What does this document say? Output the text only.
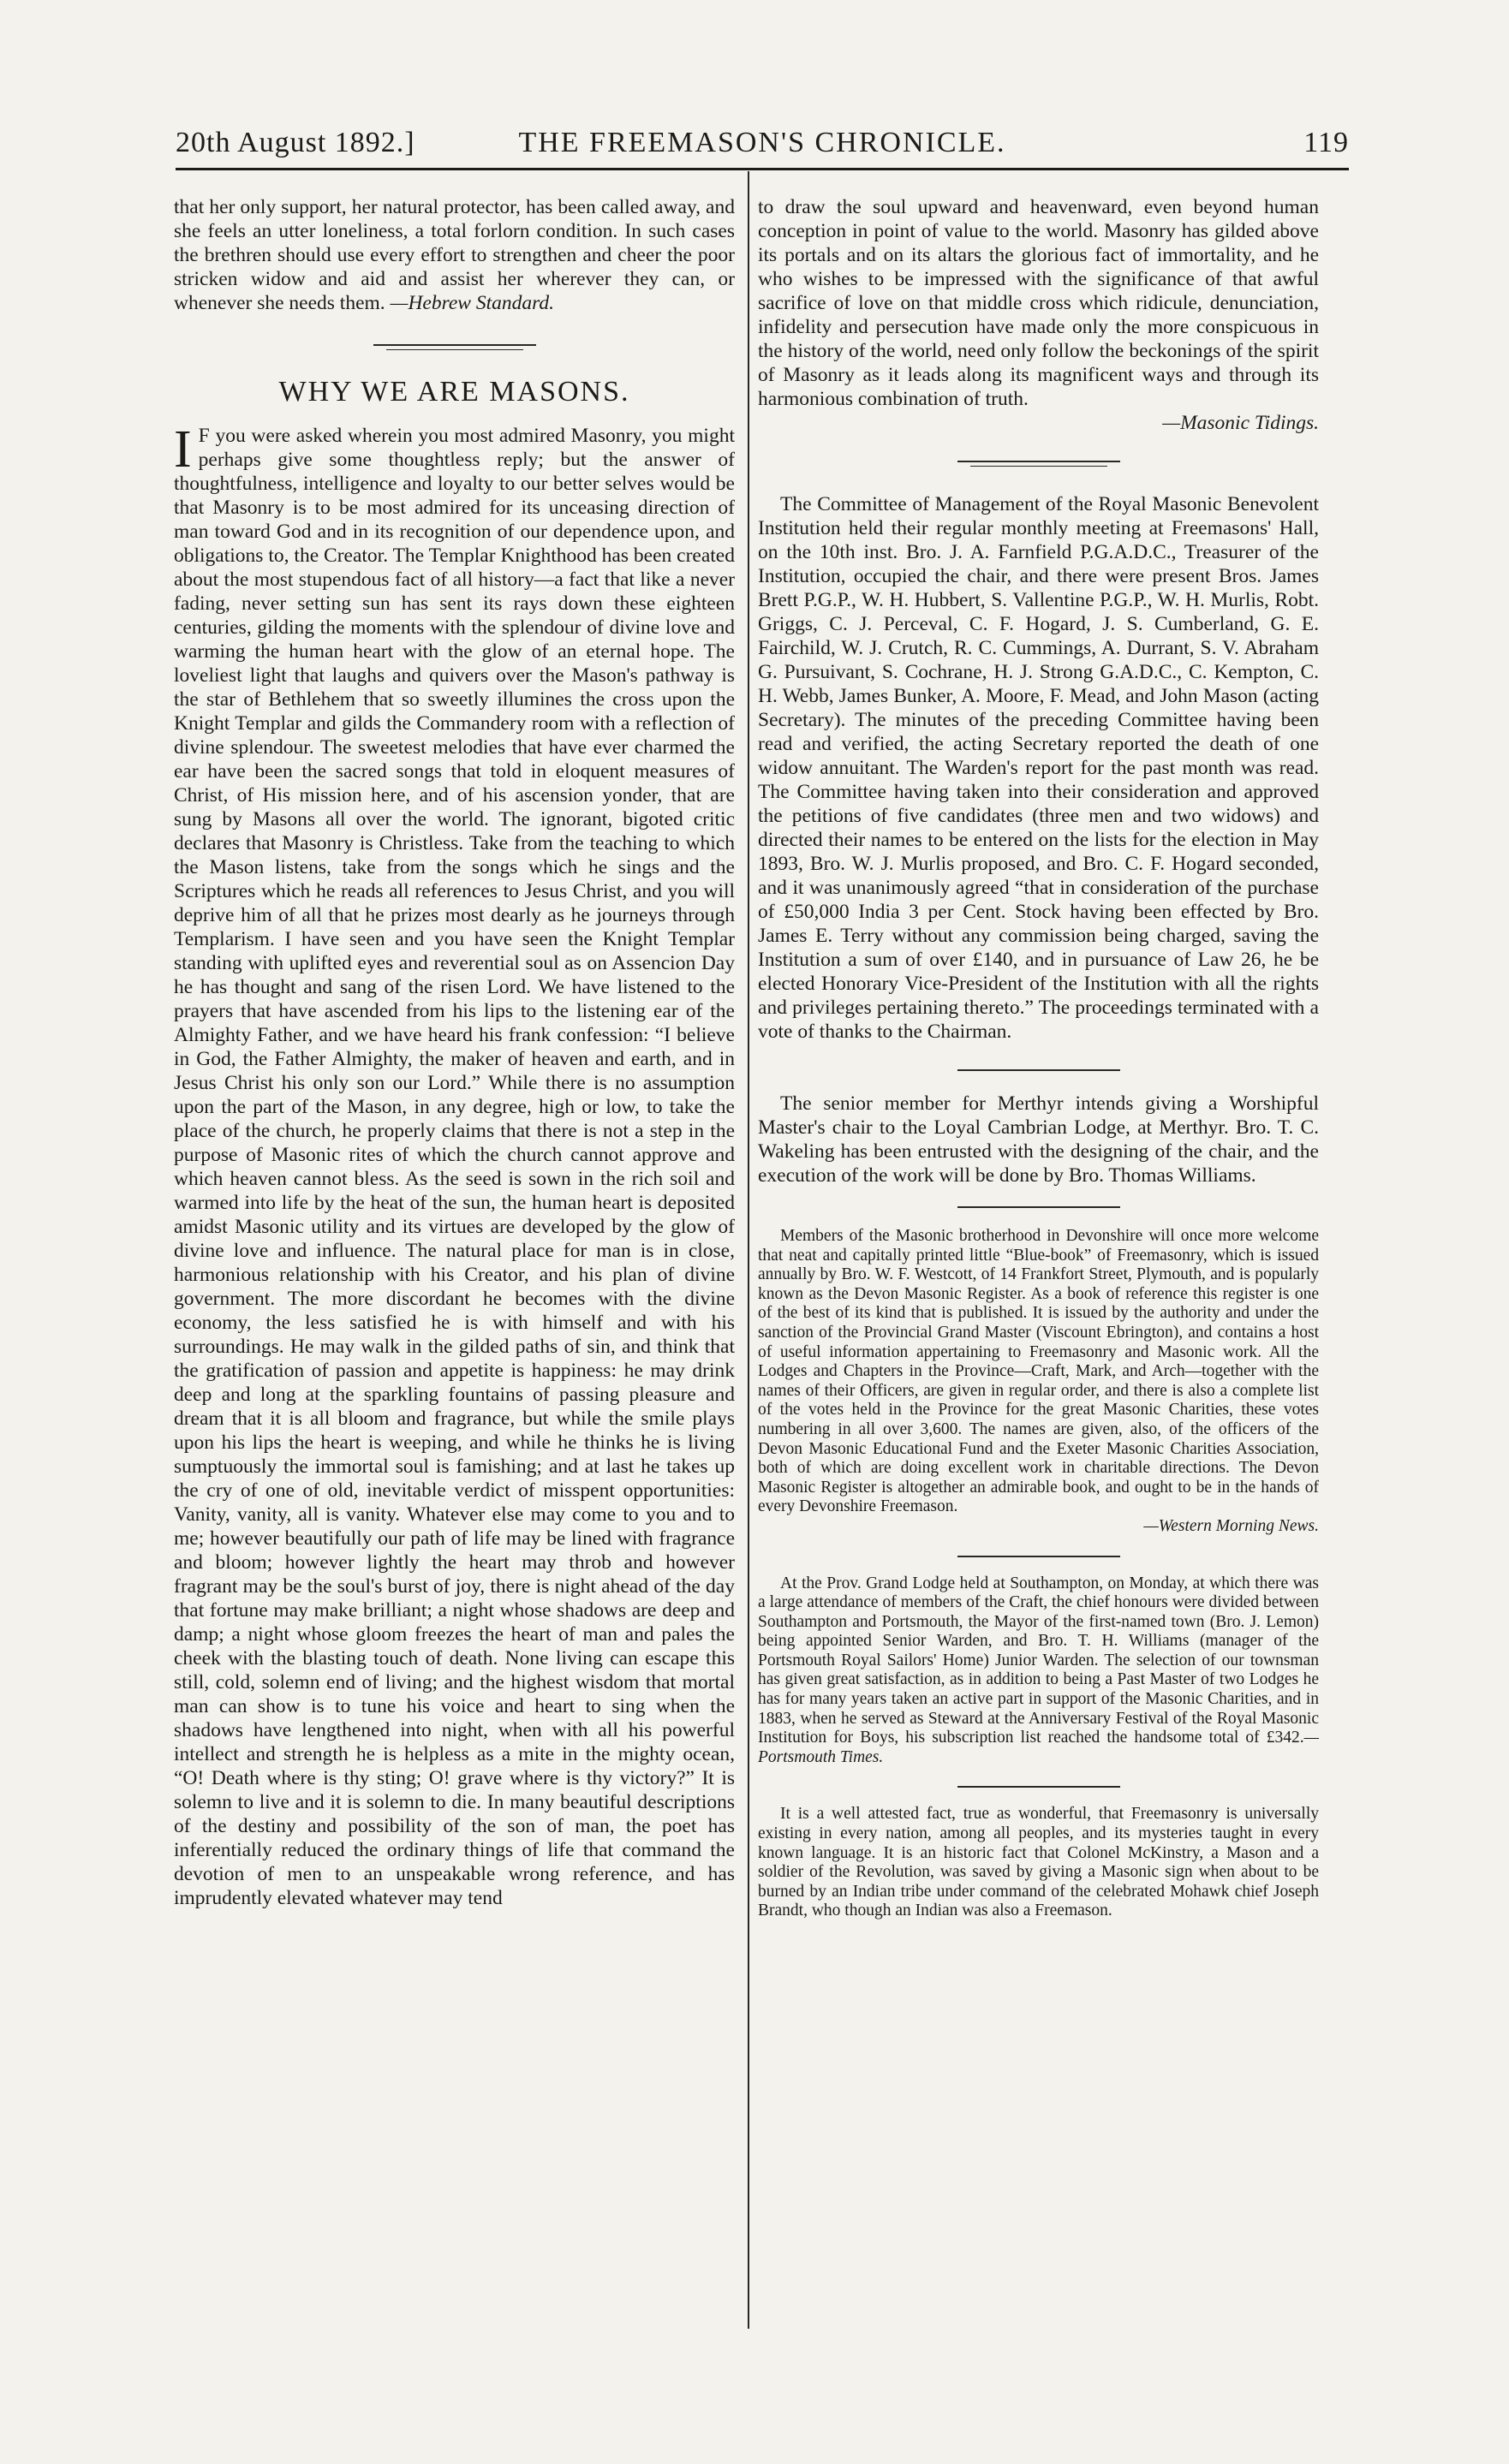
20th August 1892.]	THE FREEMASON'S CHRONICLE.	119

that her only support, her natural protector, has been called away, and she feels an utter loneliness, a total forlorn condition. In such cases the brethren should use every effort to strengthen and cheer the poor stricken widow and aid and assist her wherever they can, or whenever she needs them. —Hebrew Standard.

WHY WE ARE MASONS.

I F you were asked wherein you most admired Masonry, you might perhaps give some thoughtless reply; but the answer of thoughtfulness, intelligence and loyalty to our better selves would be that Masonry is to be most admired for its unceasing direction of man toward God and in its recognition of our dependence upon, and obligations to, the Creator. The Templar Knighthood has been created about the most stupendous fact of all history—a fact that like a never fading, never setting sun has sent its rays down these eighteen centuries, gilding the moments with the splendour of divine love and warming the human heart with the glow of an eternal hope. The loveliest light that laughs and quivers over the Mason's pathway is the star of Bethlehem that so sweetly illumines the cross upon the Knight Templar and gilds the Commandery room with a reflection of divine splendour. The sweetest melodies that have ever charmed the ear have been the sacred songs that told in eloquent measures of Christ, of His mission here, and of his ascension yonder, that are sung by Masons all over the world. The ignorant, bigoted critic declares that Masonry is Christless. Take from the teaching to which the Mason listens, take from the songs which he sings and the Scriptures which he reads all references to Jesus Christ, and you will deprive him of all that he prizes most dearly as he journeys through Templarism. I have seen and you have seen the Knight Templar standing with uplifted eyes and reverential soul as on Assencion Day he has thought and sang of the risen Lord. We have listened to the prayers that have ascended from his lips to the listening ear of the Almighty Father, and we have heard his frank confession: “I believe in God, the Father Almighty, the maker of heaven and earth, and in Jesus Christ his only son our Lord.” While there is no assumption upon the part of the Mason, in any degree, high or low, to take the place of the church, he properly claims that there is not a step in the purpose of Masonic rites of which the church cannot approve and which heaven cannot bless. As the seed is sown in the rich soil and warmed into life by the heat of the sun, the human heart is deposited amidst Masonic utility and its virtues are developed by the glow of divine love and influence. The natural place for man is in close, harmonious relationship with his Creator, and his plan of divine government. The more discordant he becomes with the divine economy, the less satisfied he is with himself and with his surroundings. He may walk in the gilded paths of sin, and think that the gratification of passion and appetite is happiness: he may drink deep and long at the sparkling fountains of passing pleasure and dream that it is all bloom and fragrance, but while the smile plays upon his lips the heart is weeping, and while he thinks he is living sumptuously the immortal soul is famishing; and at last he takes up the cry of one of old, inevitable verdict of misspent opportunities: Vanity, vanity, all is vanity. Whatever else may come to you and to me; however beautifully our path of life may be lined with fragrance and bloom; however lightly the heart may throb and however fragrant may be the soul's burst of joy, there is night ahead of the day that fortune may make brilliant; a night whose shadows are deep and damp; a night whose gloom freezes the heart of man and pales the cheek with the blasting touch of death. None living can escape this still, cold, solemn end of living; and the highest wisdom that mortal man can show is to tune his voice and heart to sing when the shadows have lengthened into night, when with all his powerful intellect and strength he is helpless as a mite in the mighty ocean, “O! Death where is thy sting; O! grave where is thy victory?” It is solemn to live and it is solemn to die. In many beautiful descriptions of the destiny and possibility of the son of man, the poet has inferentially reduced the ordinary things of life that command the devotion of men to an unspeakable wrong reference, and has imprudently elevated whatever may tend

to draw the soul upward and heavenward, even beyond human conception in point of value to the world. Masonry has gilded above its portals and on its altars the glorious fact of immortality, and he who wishes to be impressed with the significance of that awful sacrifice of love on that middle cross which ridicule, denunciation, infidelity and persecution have made only the more conspicuous in the history of the world, need only follow the beckonings of the spirit of Masonry as it leads along its magnificent ways and through its harmonious combination of truth.

—Masonic Tidings.

The Committee of Management of the Royal Masonic Benevolent Institution held their regular monthly meeting at Freemasons' Hall, on the 10th inst. Bro. J. A. Farnfield P.G.A.D.C., Treasurer of the Institution, occupied the chair, and there were present Bros. James Brett P.G.P., W. H. Hubbert, S. Vallentine P.G.P., W. H. Murlis, Robt. Griggs, C. J. Perceval, C. F. Hogard, J. S. Cumberland, G. E. Fairchild, W. J. Crutch, R. C. Cummings, A. Durrant, S. V. Abraham G. Pursuivant, S. Cochrane, H. J. Strong G.A.D.C., C. Kempton, C. H. Webb, James Bunker, A. Moore, F. Mead, and John Mason (acting Secretary). The minutes of the preceding Committee having been read and verified, the acting Secretary reported the death of one widow annuitant. The Warden's report for the past month was read. The Committee having taken into their consideration and approved the petitions of five candidates (three men and two widows) and directed their names to be entered on the lists for the election in May 1893, Bro. W. J. Murlis proposed, and Bro. C. F. Hogard seconded, and it was unanimously agreed “that in consideration of the purchase of £50,000 India 3 per Cent. Stock having been effected by Bro. James E. Terry without any commission being charged, saving the Institution a sum of over £140, and in pursuance of Law 26, he be elected Honorary Vice-President of the Institution with all the rights and privileges pertaining thereto.” The proceedings terminated with a vote of thanks to the Chairman.

The senior member for Merthyr intends giving a Worshipful Master's chair to the Loyal Cambrian Lodge, at Merthyr. Bro. T. C. Wakeling has been entrusted with the designing of the chair, and the execution of the work will be done by Bro. Thomas Williams.

Members of the Masonic brotherhood in Devonshire will once more welcome that neat and capitally printed little “Blue-book” of Freemasonry, which is issued annually by Bro. W. F. Westcott, of 14 Frankfort Street, Plymouth, and is popularly known as the Devon Masonic Register. As a book of reference this register is one of the best of its kind that is published. It is issued by the authority and under the sanction of the Provincial Grand Master (Viscount Ebrington), and contains a host of useful information appertaining to Freemasonry and Masonic work. All the Lodges and Chapters in the Province—Craft, Mark, and Arch—together with the names of their Officers, are given in regular order, and there is also a complete list of the votes held in the Province for the great Masonic Charities, these votes numbering in all over 3,600. The names are given, also, of the officers of the Devon Masonic Educational Fund and the Exeter Masonic Charities Association, both of which are doing excellent work in charitable directions. The Devon Masonic Register is altogether an admirable book, and ought to be in the hands of every Devonshire Freemason.

—Western Morning News.

At the Prov. Grand Lodge held at Southampton, on Monday, at which there was a large attendance of members of the Craft, the chief honours were divided between Southampton and Portsmouth, the Mayor of the first-named town (Bro. J. Lemon) being appointed Senior Warden, and Bro. T. H. Williams (manager of the Portsmouth Royal Sailors' Home) Junior Warden. The selection of our townsman has given great satisfaction, as in addition to being a Past Master of two Lodges he has for many years taken an active part in support of the Masonic Charities, and in 1883, when he served as Steward at the Anniversary Festival of the Royal Masonic Institution for Boys, his subscription list reached the handsome total of £342.—Portsmouth Times.

It is a well attested fact, true as wonderful, that Freemasonry is universally existing in every nation, among all peoples, and its mysteries taught in every known language. It is an historic fact that Colonel McKinstry, a Mason and a soldier of the Revolution, was saved by giving a Masonic sign when about to be burned by an Indian tribe under command of the celebrated Mohawk chief Joseph Brandt, who though an Indian was also a Freemason.
